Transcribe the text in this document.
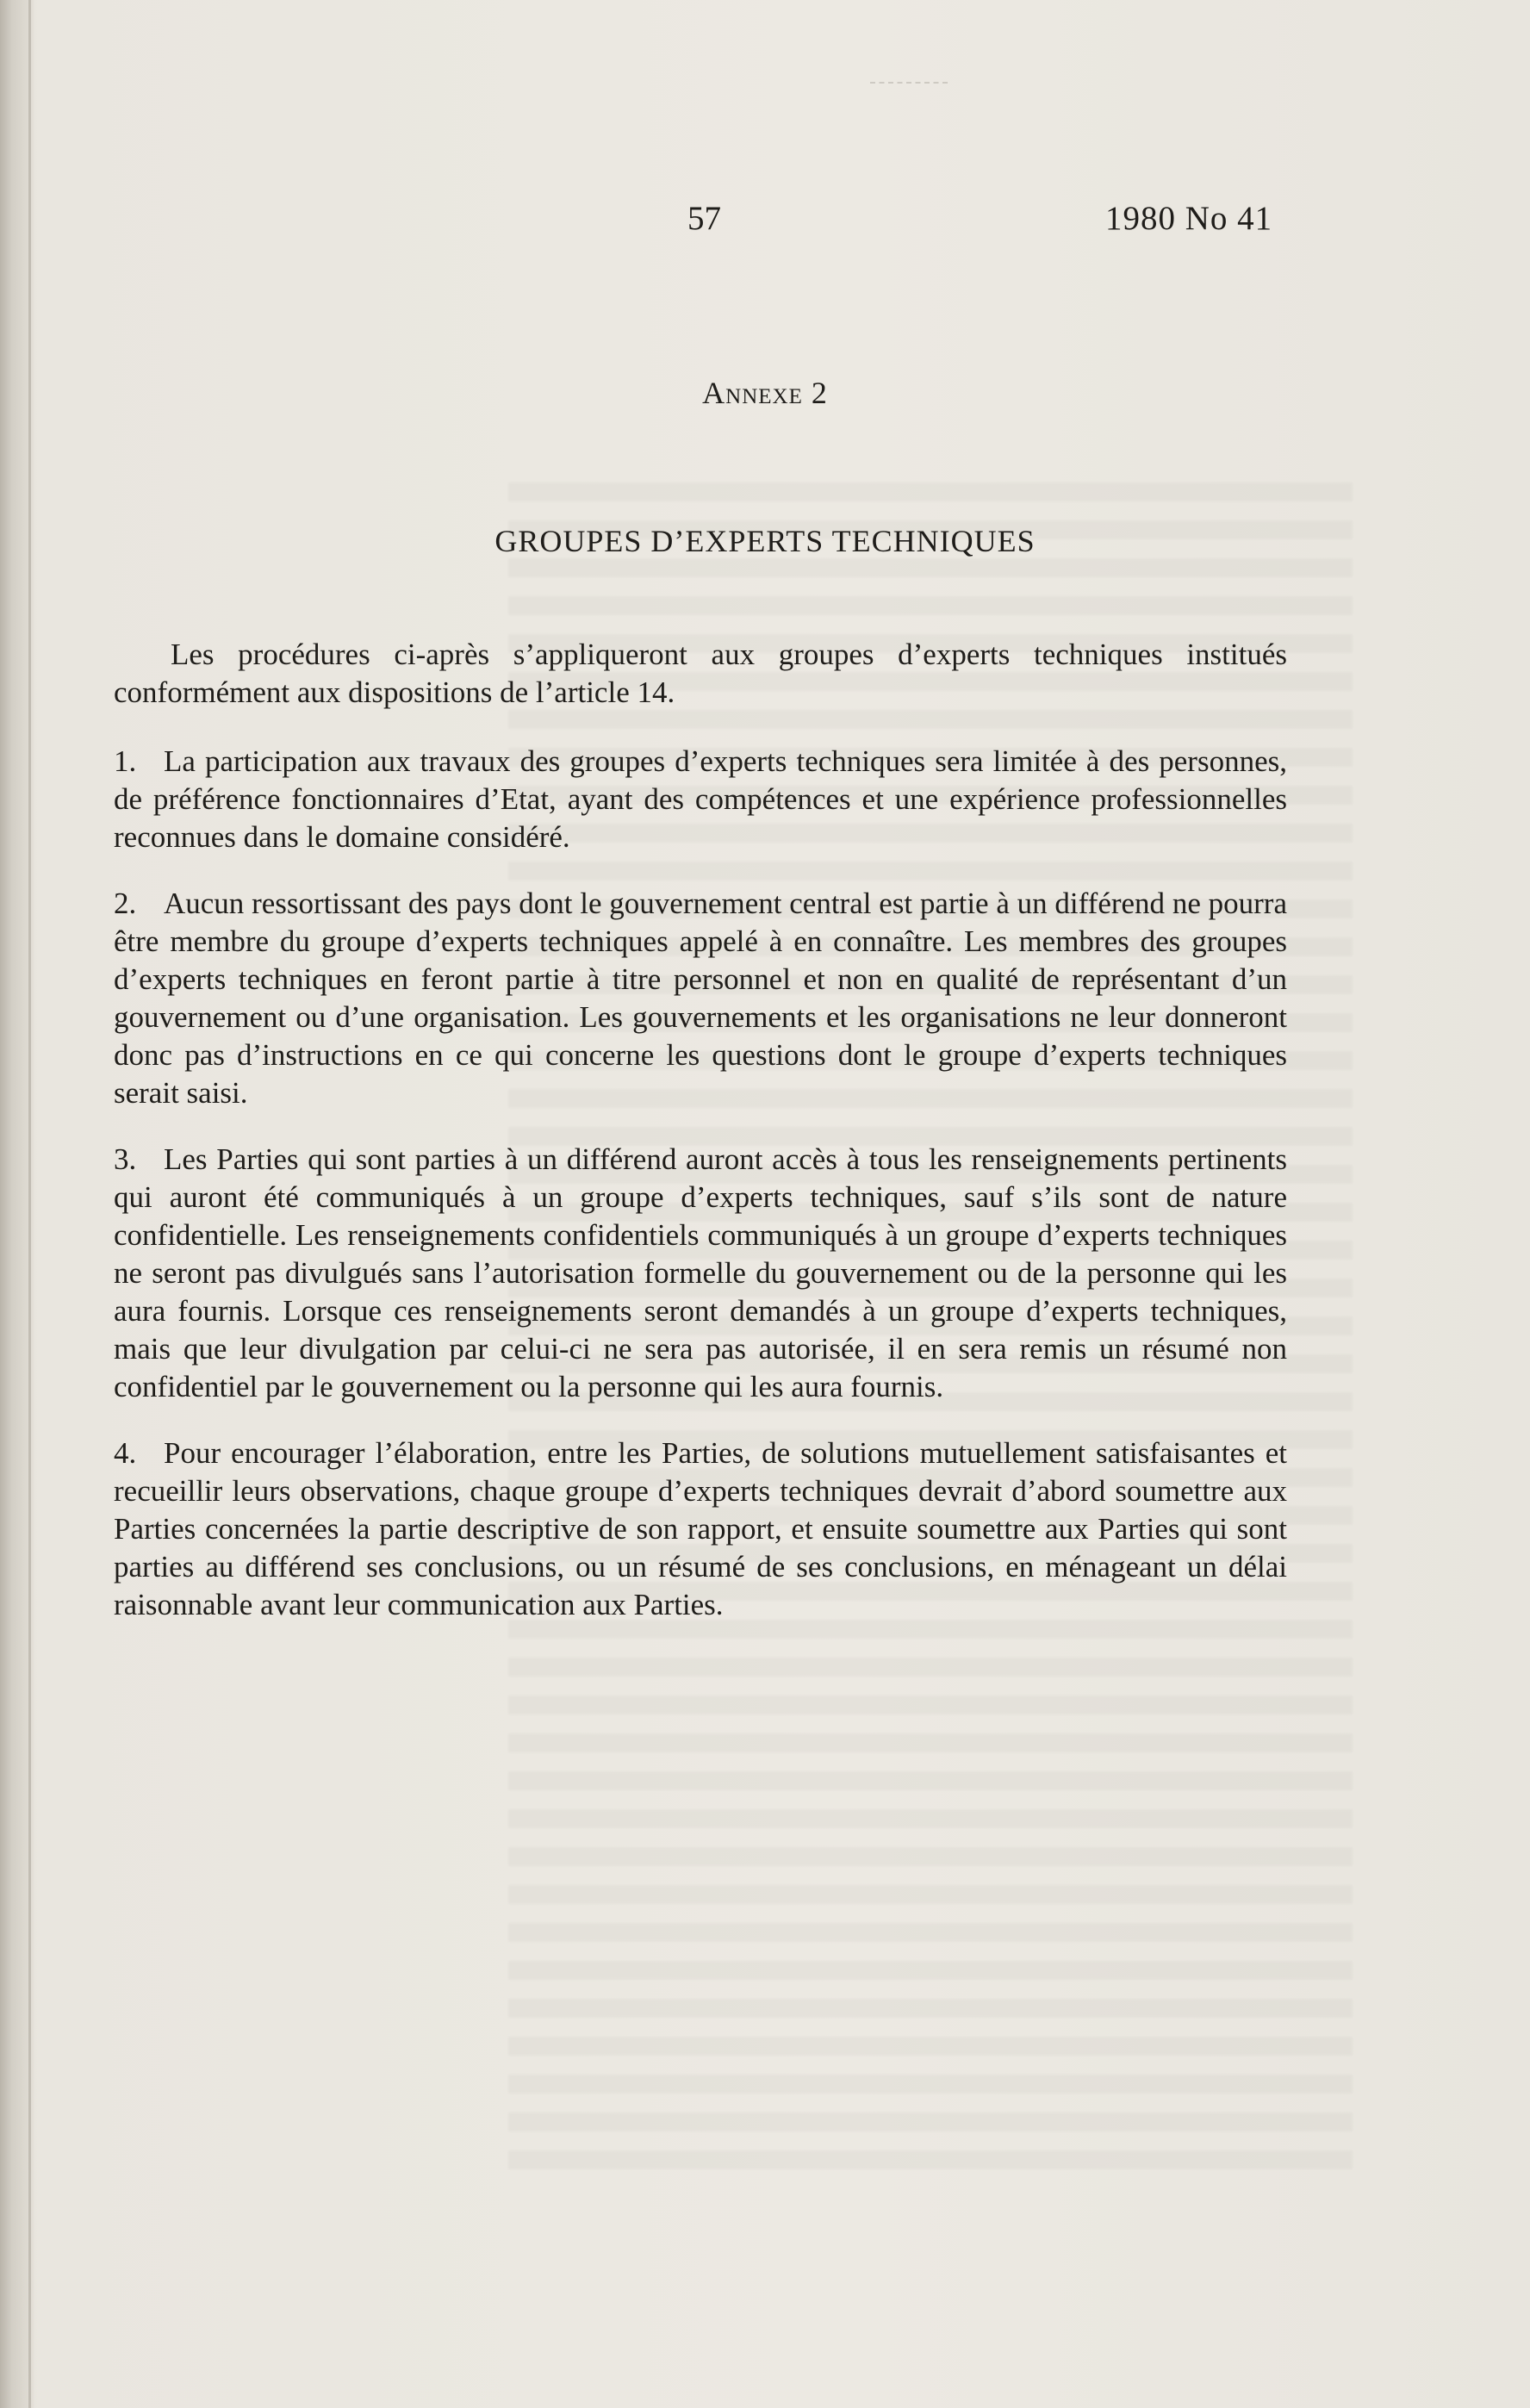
57	1980 No 41
Annexe 2
GROUPES D’EXPERTS TECHNIQUES

Les procédures ci-après s’appliqueront aux groupes d’experts techniques institués conformément aux dispositions de l’article 14.

1. La participation aux travaux des groupes d’experts techniques sera limitée à des personnes, de préférence fonctionnaires d’Etat, ayant des compétences et une expérience professionnelles reconnues dans le domaine considéré.

2. Aucun ressortissant des pays dont le gouvernement central est partie à un différend ne pourra être membre du groupe d’experts techniques appelé à en connaître. Les membres des groupes d’experts techniques en feront partie à titre personnel et non en qualité de représentant d’un gouvernement ou d’une organisation. Les gouvernements et les organisations ne leur donneront donc pas d’instructions en ce qui concerne les questions dont le groupe d’experts techniques serait saisi.

3. Les Parties qui sont parties à un différend auront accès à tous les renseignements pertinents qui auront été communiqués à un groupe d’experts techniques, sauf s’ils sont de nature confidentielle. Les renseignements confidentiels communiqués à un groupe d’experts techniques ne seront pas divulgués sans l’autorisation formelle du gouvernement ou de la personne qui les aura fournis. Lorsque ces renseignements seront demandés à un groupe d’experts techniques, mais que leur divulgation par celui-ci ne sera pas autorisée, il en sera remis un résumé non confidentiel par le gouvernement ou la personne qui les aura fournis.

4. Pour encourager l’élaboration, entre les Parties, de solutions mutuellement satisfaisantes et recueillir leurs observations, chaque groupe d’experts techniques devrait d’abord soumettre aux Parties concernées la partie descriptive de son rapport, et ensuite soumettre aux Parties qui sont parties au différend ses conclusions, ou un résumé de ses conclusions, en ménageant un délai raisonnable avant leur communication aux Parties.
